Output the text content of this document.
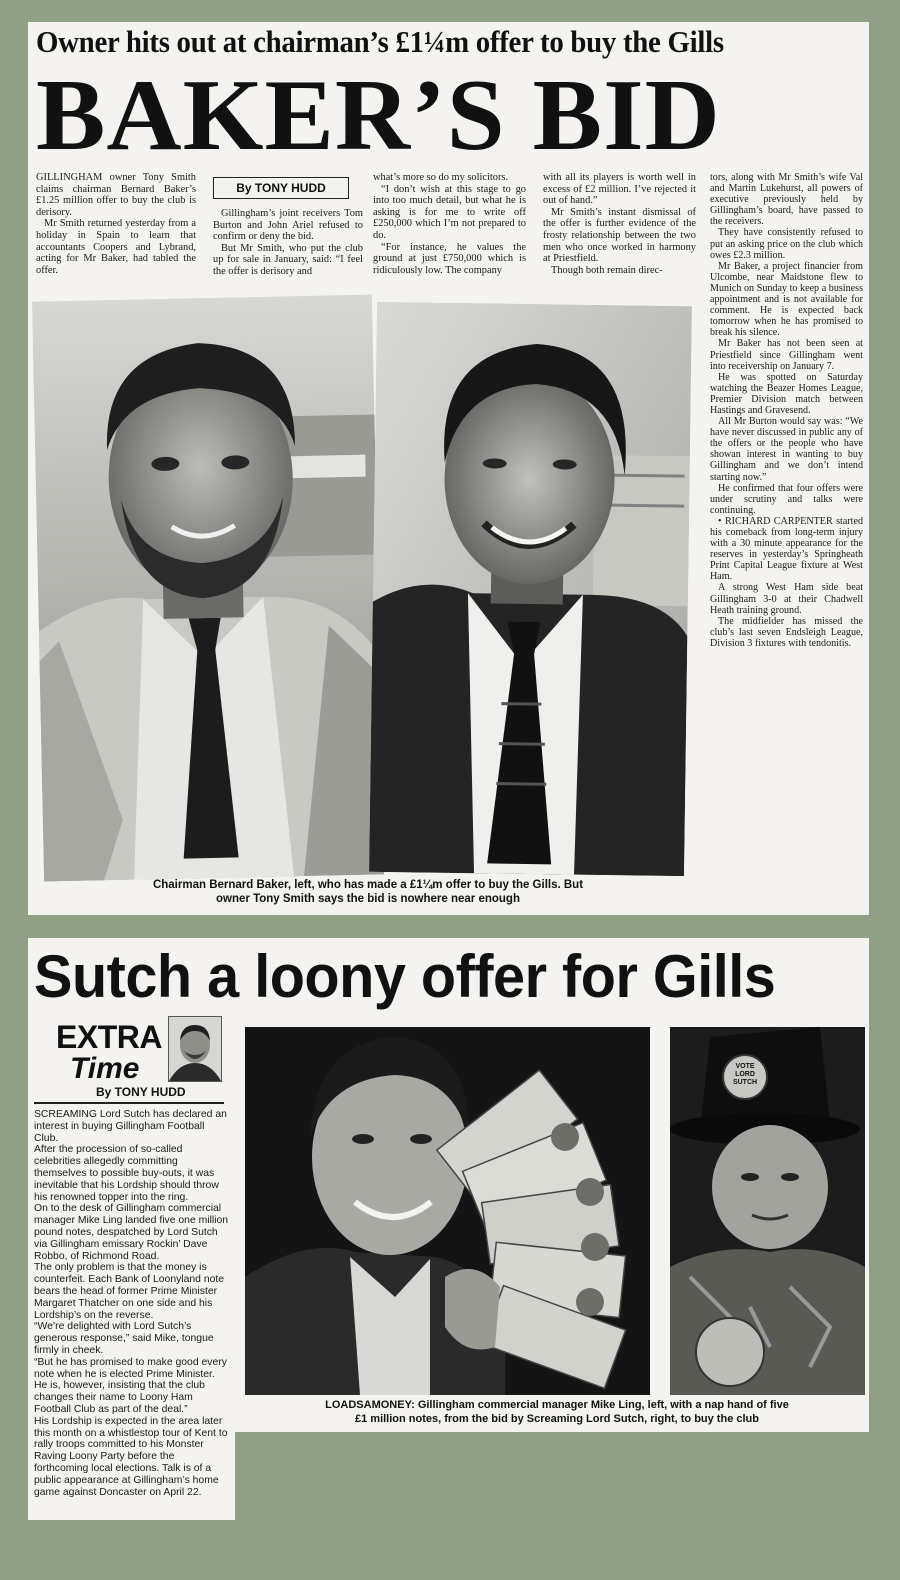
Owner hits out at chairman’s £1¼m offer to buy the Gills
BAKER’S BID

GILLINGHAM owner Tony Smith claims chairman Bernard Baker’s £1.25 million offer to buy the club is derisory.

Mr Smith returned yesterday from a holiday in Spain to learn that accountants Coopers and Lybrand, acting for Mr Baker, had tabled the offer.

By TONY HUDD

Gillingham’s joint receivers Tom Burton and John Ariel refused to confirm or deny the bid.

But Mr Smith, who put the club up for sale in January, said: “I feel the offer is derisory and

what’s more so do my solicitors.

“I don’t wish at this stage to go into too much detail, but what he is asking is for me to write off £250,000 which I’m not prepared to do.

“For instance, he values the ground at just £750,000 which is ridiculously low. The company

with all its players is worth well in excess of £2 million. I’ve rejected it out of hand.”

Mr Smith’s instant dismissal of the offer is further evidence of the frosty relationship between the two men who once worked in harmony at Priestfield.

Though both remain direc-

tors, along with Mr Smith’s wife Val and Martin Lukehurst, all powers of executive previously held by Gillingham’s board, have passed to the receivers.

They have consistently refused to put an asking price on the club which owes £2.3 million.

Mr Baker, a project financier from Ulcombe, near Maidstone flew to Munich on Sunday to keep a business appointment and is not available for comment. He is expected back tomorrow when he has promised to break his silence.

Mr Baker has not been seen at Priestfield since Gillingham went into receivership on January 7.

He was spotted on Saturday watching the Beazer Homes League, Premier Division match between Hastings and Gravesend.

All Mr Burton would say was: “We have never discussed in public any of the offers or the people who have showan interest in wanting to buy Gillingham and we don’t intend starting now.”

He confirmed that four offers were under scrutiny and talks were continuing.

• RICHARD CARPENTER started his comeback from long-term injury with a 30 minute appearance for the reserves in yesterday’s Springheath Print Capital League fixture at West Ham.

A strong West Ham side beat Gillingham 3-0 at their Chadwell Heath training ground.

The midfielder has missed the club’s last seven Endsleigh League, Division 3 fixtures with tendonitis.

Chairman Bernard Baker, left, who has made a £1¼m offer to buy the Gills. But
owner Tony Smith says the bid is nowhere near enough
Sutch a loony offer for Gills
EXTRA
Time
By TONY HUDD

SCREAMING Lord Sutch has declared an interest in buying Gillingham Football Club.

After the procession of so-called celebrities allegedly committing themselves to possible buy-outs, it was inevitable that his Lordship should throw his renowned topper into the ring.

On to the desk of Gillingham commercial manager Mike Ling landed five one million pound notes, despatched by Lord Sutch via Gillingham emissary Rockin’ Dave Robbo, of Richmond Road.

The only problem is that the money is counterfeit. Each Bank of Loonyland note bears the head of former Prime Minister Margaret Thatcher on one side and his Lordship’s on the reverse.

“We’re delighted with Lord Sutch’s generous response,” said Mike, tongue firmly in cheek.

“But he has promised to make good every note when he is elected Prime Minister. He is, however, insisting that the club changes their name to Loony Ham Football Club as part of the deal.”

His Lordship is expected in the area later this month on a whistlestop tour of Kent to rally troops committed to his Monster Raving Loony Party before the forthcoming local elections. Talk is of a public appearance at Gillingham’s home game against Doncaster on April 22.

VOTE
LORD
SUTCH
LOADSAMONEY: Gillingham commercial manager Mike Ling, left, with a nap hand of five
£1 million notes, from the bid by Screaming Lord Sutch, right, to buy the club
